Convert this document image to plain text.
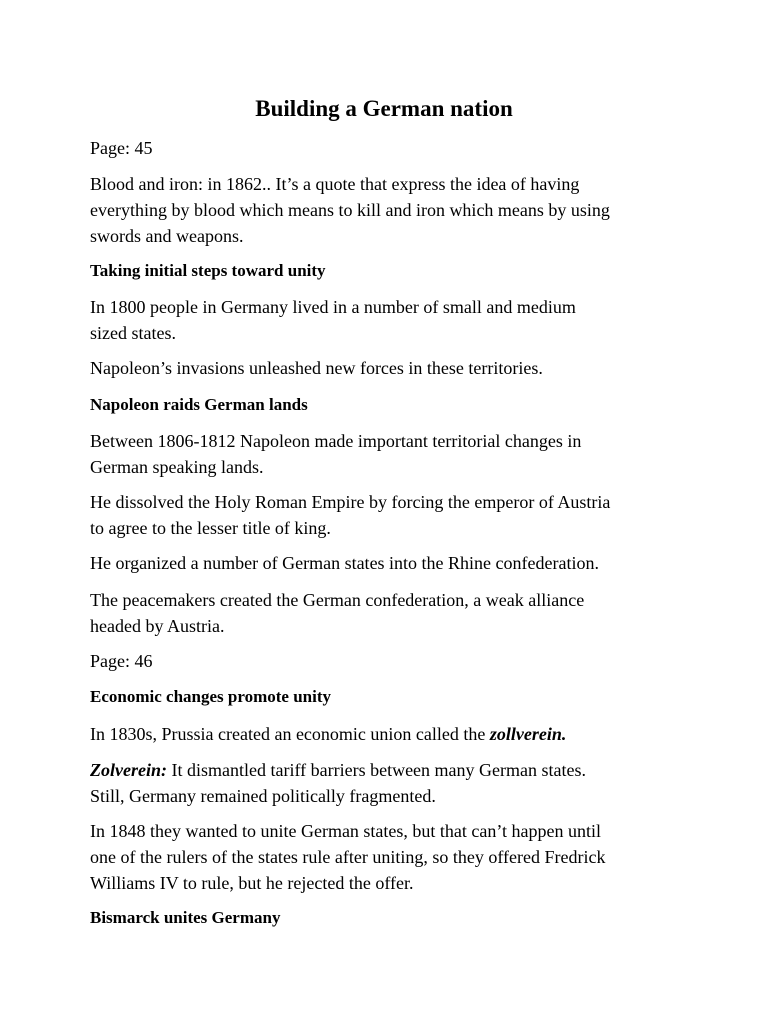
Building a German nation

Page: 45

Blood and iron: in 1862.. It’s a quote that express the idea of having
everything by blood which means to kill and iron which means by using
swords and weapons.

Taking initial steps toward unity

In 1800 people in Germany lived in a number of small and medium
sized states.

Napoleon’s invasions unleashed new forces in these territories.

Napoleon raids German lands

Between 1806-1812 Napoleon made important territorial changes in
German speaking lands.

He dissolved the Holy Roman Empire by forcing the emperor of Austria
to agree to the lesser title of king.

He organized a number of German states into the Rhine confederation.

The peacemakers created the German confederation, a weak alliance
headed by Austria.

Page: 46

Economic changes promote unity

In 1830s, Prussia created an economic union called the zollverein.

Zolverein: It dismantled tariff barriers between many German states.
Still, Germany remained politically fragmented.

In 1848 they wanted to unite German states, but that can’t happen until
one of the rulers of the states rule after uniting, so they offered Fredrick
Williams IV to rule, but he rejected the offer.

Bismarck unites Germany
